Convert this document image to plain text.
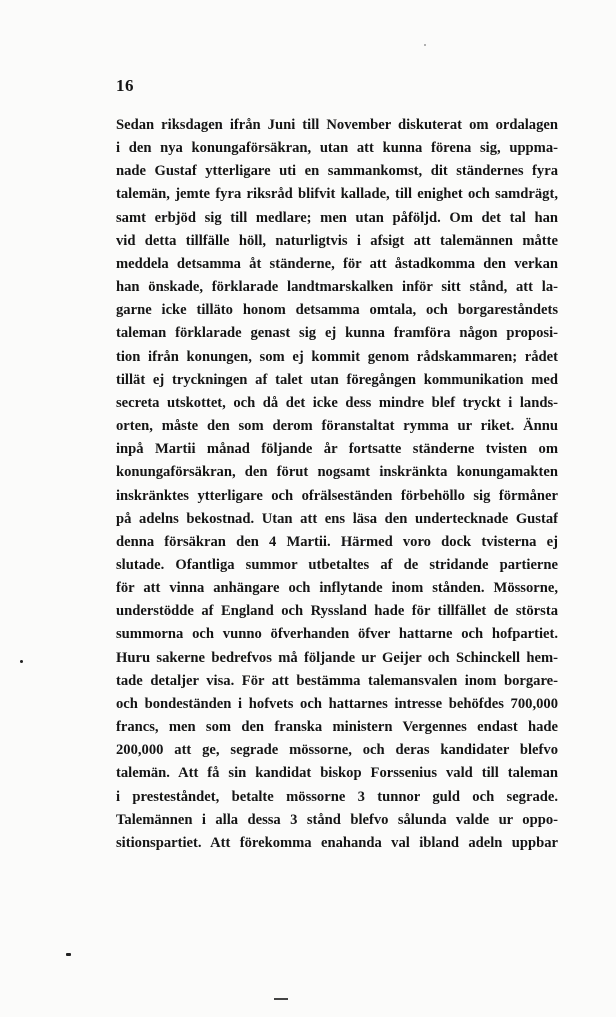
16
Sedan riksdagen ifrån Juni till November diskuterat om ordalagen
i den nya konungaförsäkran, utan att kunna förena sig, uppma-
nade Gustaf ytterligare uti en sammankomst, dit ständernes fyra
talemän, jemte fyra riksråd blifvit kallade, till enighet och samdrägt,
samt erbjöd sig till medlare; men utan påföljd. Om det tal han
vid detta tillfälle höll, naturligtvis i afsigt att talemännen måtte
meddela detsamma åt ständerne, för att åstadkomma den verkan
han önskade, förklarade landtmarskalken inför sitt stånd, att la-
garne icke tilläto honom detsamma omtala, och borgareståndets
taleman förklarade genast sig ej kunna framföra någon proposi-
tion ifrån konungen, som ej kommit genom rådskammaren; rådet
tillät ej tryckningen af talet utan föregången kommunikation med
secreta utskottet, och då det icke dess mindre blef tryckt i lands-
orten, måste den som derom föranstaltat rymma ur riket. Ännu
inpå Martii månad följande år fortsatte ständerne tvisten om
konungaförsäkran, den förut nogsamt inskränkta konungamakten
inskränktes ytterligare och ofrälseständen förbehöllo sig förmåner
på adelns bekostnad. Utan att ens läsa den undertecknade Gustaf
denna försäkran den 4 Martii. Härmed voro dock tvisterna ej
slutade. Ofantliga summor utbetaltes af de stridande partierne
för att vinna anhängare och inflytande inom stånden. Mössorne,
understödde af England och Ryssland hade för tillfället de största
summorna och vunno öfverhanden öfver hattarne och hofpartiet.
Huru sakerne bedrefvos må följande ur Geijer och Schinckell hem-
tade detaljer visa. För att bestämma talemansvalen inom borgare-
och bondeständen i hofvets och hattarnes intresse behöfdes 700,000
francs, men som den franska ministern Vergennes endast hade
200,000 att ge, segrade mössorne, och deras kandidater blefvo
talemän. Att få sin kandidat biskop Forssenius vald till taleman
i presteståndet, betalte mössorne 3 tunnor guld och segrade.
Talemännen i alla dessa 3 stånd blefvo sålunda valde ur oppo-
sitionspartiet. Att förekomma enahanda val ibland adeln uppbar
